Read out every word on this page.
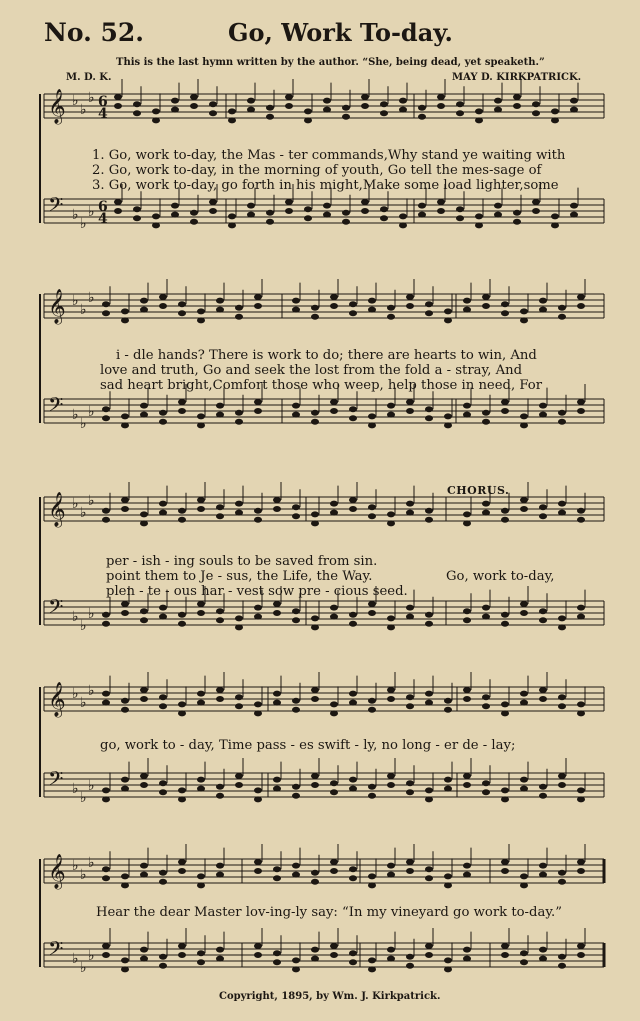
No. 52.	Go, Work To-day.
This is the last hymn written by the author. “She, being dead, yet speaketh.”
M. D. K.	MAY D. KIRKPATRICK.
𝄞 ♭
♭
♭
𝄢 ♭
♭
♭
6
4
6
4
𝄞 ♭
♭
♭
𝄢 ♭
♭
♭
𝄞 ♭
♭
♭
𝄢 ♭
♭
♭
𝄞 ♭
♭
♭
𝄢 ♭
♭
♭
𝄞 ♭
♭
♭
𝄢 ♭
♭
♭
1. Go, work to-day, the Mas - ter commands,Why stand ye waiting with
2. Go, work to-day, in the morning of youth, Go tell the mes-sage of
3. Go, work to-day, go forth in his might,Make some load lighter,some
i - dle hands? There is work to do; there are hearts to win, And
love and truth, Go and seek the lost from the fold a - stray, And
sad heart bright,Comfort those who weep, help those in need, For
CHORUS.
per - ish - ing souls to be saved from sin.
point them to Je - sus, the Life, the Way.
plen - te - ous har - vest sow pre - cious seed.
Go, work to-day,
go, work to - day, Time pass - es swift - ly, no long - er de - lay;
Hear the dear Master lov-ing-ly say: “In my vineyard go work to-day.”
Copyright, 1895, by Wm. J. Kirkpatrick.
